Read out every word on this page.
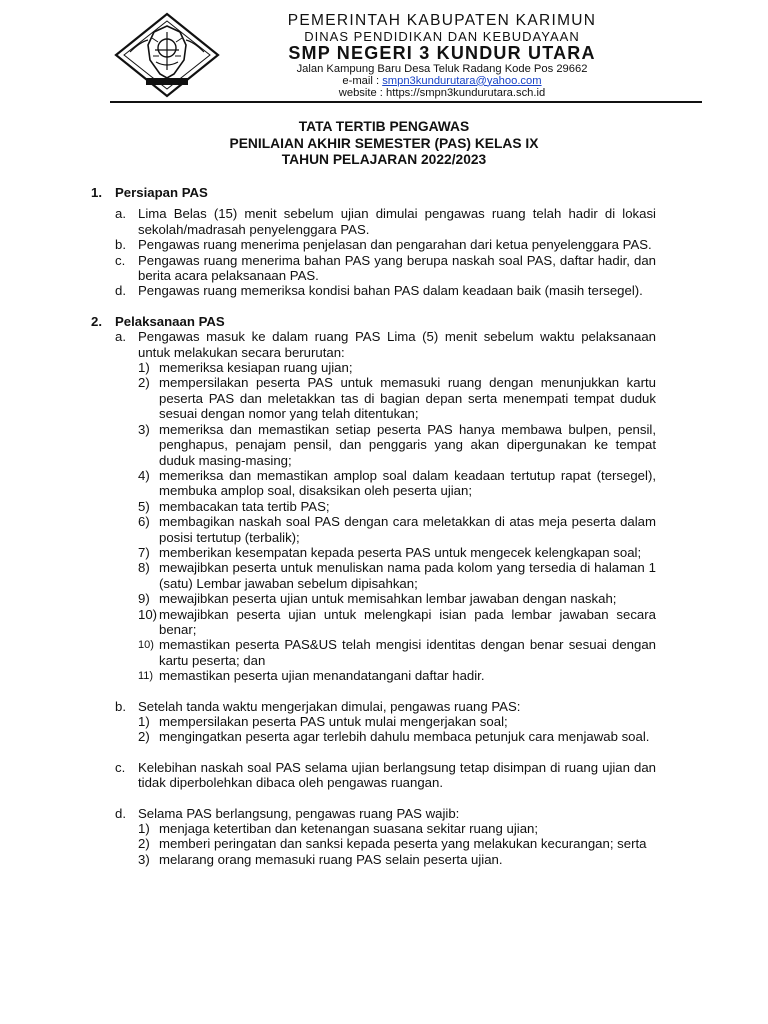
PEMERINTAH KABUPATEN KARIMUN
DINAS PENDIDIKAN DAN KEBUDAYAAN
SMP NEGERI 3 KUNDUR UTARA
Jalan Kampung Baru Desa Teluk Radang Kode Pos 29662
e-mail : smpn3kundurutara@yahoo.com
website : https://smpn3kundurutara.sch.id
TATA TERTIB PENGAWAS
PENILAIAN AKHIR SEMESTER (PAS) KELAS IX
TAHUN PELAJARAN 2022/2023
1. Persiapan PAS
a. Lima Belas (15) menit sebelum ujian dimulai pengawas ruang telah hadir di lokasi sekolah/madrasah penyelenggara PAS.
b. Pengawas ruang menerima penjelasan dan pengarahan dari ketua penyelenggara PAS.
c. Pengawas ruang menerima bahan PAS yang berupa naskah soal PAS, daftar hadir, dan berita acara pelaksanaan PAS.
d. Pengawas ruang memeriksa kondisi bahan PAS dalam keadaan baik (masih tersegel).
2. Pelaksanaan PAS
a. Pengawas masuk ke dalam ruang PAS Lima (5) menit sebelum waktu pelaksanaan untuk melakukan secara berurutan:
1) memeriksa kesiapan ruang ujian;
2) mempersilakan peserta PAS untuk memasuki ruang dengan menunjukkan kartu peserta PAS dan meletakkan tas di bagian depan serta menempati tempat duduk sesuai dengan nomor yang telah ditentukan;
3) memeriksa dan memastikan setiap peserta PAS hanya membawa bulpen, pensil, penghapus, penajam pensil, dan penggaris yang akan dipergunakan ke tempat duduk masing-masing;
4) memeriksa dan memastikan amplop soal dalam keadaan tertutup rapat (tersegel), membuka amplop soal, disaksikan oleh peserta ujian;
5) membacakan tata tertib PAS;
6) membagikan naskah soal PAS dengan cara meletakkan di atas meja peserta dalam posisi tertutup (terbalik);
7) memberikan kesempatan kepada peserta PAS untuk mengecek kelengkapan soal;
8) mewajibkan peserta untuk menuliskan nama pada kolom yang tersedia di halaman 1 (satu) Lembar jawaban sebelum dipisahkan;
9) mewajibkan peserta ujian untuk memisahkan lembar jawaban dengan naskah;
10) mewajibkan peserta ujian untuk melengkapi isian pada lembar jawaban secara benar;
10) memastikan peserta PAS&US telah mengisi identitas dengan benar sesuai dengan kartu peserta; dan
11) memastikan peserta ujian menandatangani daftar hadir.
b. Setelah tanda waktu mengerjakan dimulai, pengawas ruang PAS:
1) mempersilakan peserta PAS untuk mulai mengerjakan soal;
2) mengingatkan peserta agar terlebih dahulu membaca petunjuk cara menjawab soal.
c. Kelebihan naskah soal PAS selama ujian berlangsung tetap disimpan di ruang ujian dan tidak diperbolehkan dibaca oleh pengawas ruangan.
d. Selama PAS berlangsung, pengawas ruang PAS wajib:
1) menjaga ketertiban dan ketenangan suasana sekitar ruang ujian;
2) memberi peringatan dan sanksi kepada peserta yang melakukan kecurangan; serta
3) melarang orang memasuki ruang PAS selain peserta ujian.
